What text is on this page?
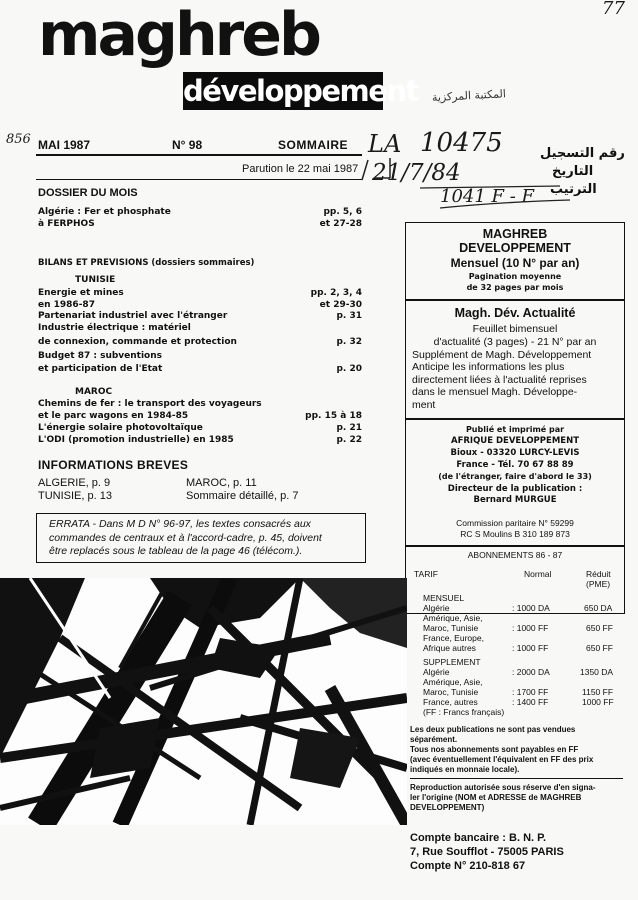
maghreb
développement
77
856
المكتبة المركزية
LA 10475
21/7/84
1041 F - F
رقم التسجيل
التاريخ
الترتيب
MAI 1987	N° 98	SOMMAIRE
Parution le 22 mai 1987
DOSSIER DU MOIS
Algérie : Fer et phosphate	pp. 5, 6
à FERPHOS	et 27-28
BILANS ET PREVISIONS (dossiers sommaires)
TUNISIE
Energie et mines	pp. 2, 3, 4
en 1986-87	et 29-30
Partenariat industriel avec l'étranger	p. 31
Industrie électrique : matériel
de connexion, commande et protection	p. 32
Budget 87 : subventions
et participation de l'Etat	p. 20
MAROC
Chemins de fer : le transport des voyageurs
et le parc wagons en 1984-85	pp. 15 à 18
L'énergie solaire photovoltaïque	p. 21
L'ODI (promotion industrielle) en 1985	p. 22
INFORMATIONS BREVES
ALGERIE, p. 9	MAROC, p. 11
TUNISIE, p. 13	Sommaire détaillé, p. 7
ERRATA - Dans M D N° 96-97, les textes consacrés aux
commandes de centraux et à l'accord-cadre, p. 45, doivent
être replacés sous le tableau de la page 46 (télécom.).
MAGHREB
DEVELOPPEMENT
Mensuel (10 N° par an)
Pagination moyenne
de 32 pages par mois
Magh. Dév. Actualité
Feuillet bimensuel
d'actualité (3 pages) - 21 N° par an
Supplément de Magh. Développement
Anticipe les informations les plus
directement liées à l'actualité reprises
dans le mensuel Magh. Développe-
ment
Publié et imprimé par
AFRIQUE DEVELOPPEMENT
Bioux - 03320 LURCY-LEVIS
France - Tél. 70 67 88 89
(de l'étranger, faire d'abord le 33)
Directeur de la publication :
Bernard MURGUE
Commission paritaire N° 59299
RC S Moulins B 310 189 873
ABONNEMENTS 86 - 87
TARIF	Normal	Réduit
(PME)
MENSUEL
Algérie	: 1000 DA	650 DA
Amérique, Asie,
Maroc, Tunisie	: 1000 FF	650 FF
France, Europe,
Afrique autres	: 1000 FF	650 FF
SUPPLEMENT
Algérie	: 2000 DA	1350 DA
Amérique, Asie,
Maroc, Tunisie	: 1700 FF	1150 FF
France, autres	: 1400 FF	1000 FF
(FF : Francs français)
Les deux publications ne sont pas vendues
séparément.
Tous nos abonnements sont payables en FF
(avec éventuellement l'équivalent en FF des prix
indiqués en monnaie locale).
Reproduction autorisée sous réserve d'en signa-
ler l'origine (NOM et ADRESSE de MAGHREB
DEVELOPPEMENT)
Compte bancaire : B. N. P.
7, Rue Soufflot - 75005 PARIS
Compte N° 210-818 67
